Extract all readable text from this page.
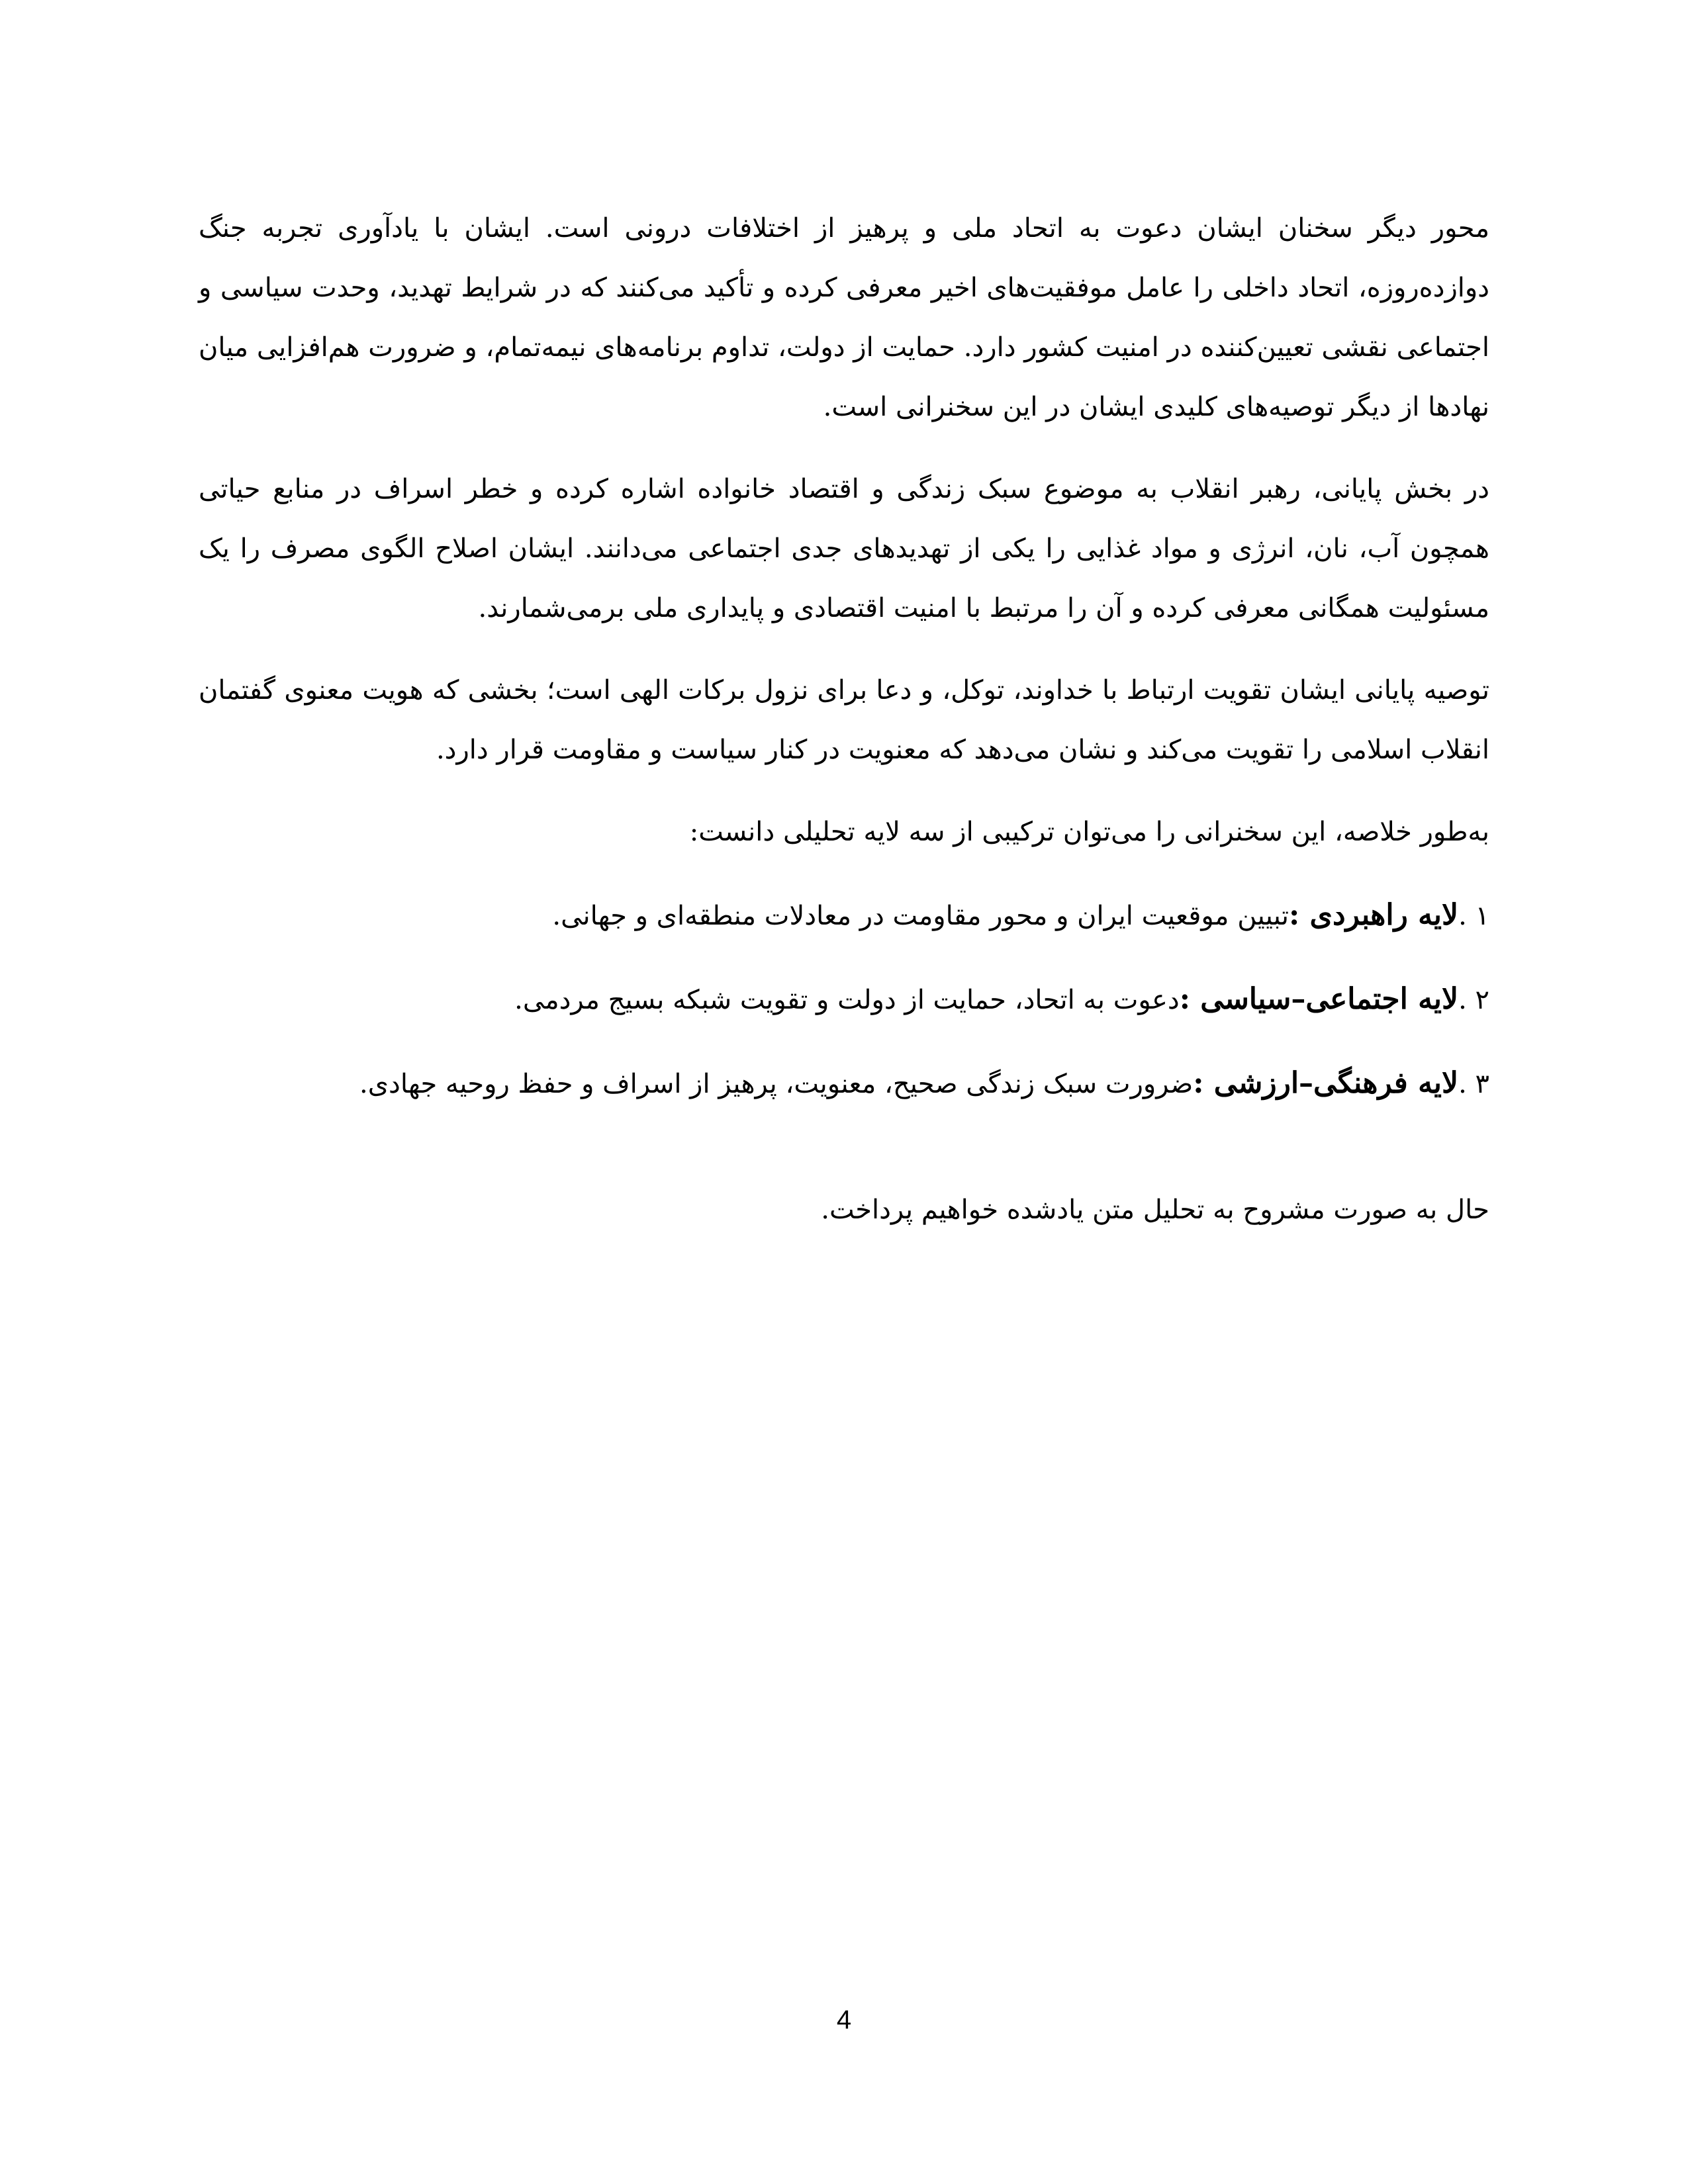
محور دیگر سخنان ایشان دعوت به اتحاد ملی و پرهیز از اختلافات درونی است. ایشان با یادآوری تجربه جنگ دوازده‌روزه، اتحاد داخلی را عامل موفقیت‌های اخیر معرفی کرده و تأکید می‌کنند که در شرایط تهدید، وحدت سیاسی و اجتماعی نقشی تعیین‌کننده در امنیت کشور دارد. حمایت از دولت، تداوم برنامه‌های نیمه‌تمام، و ضرورت هم‌افزایی میان نهادها از دیگر توصیه‌های کلیدی ایشان در این سخنرانی است.

در بخش پایانی، رهبر انقلاب به موضوع سبک زندگی و اقتصاد خانواده اشاره کرده و خطر اسراف در منابع حیاتی همچون آب، نان، انرژی و مواد غذایی را یکی از تهدیدهای جدی اجتماعی می‌دانند. ایشان اصلاح الگوی مصرف را یک مسئولیت همگانی معرفی کرده و آن را مرتبط با امنیت اقتصادی و پایداری ملی برمی‌شمارند.

توصیه پایانی ایشان تقویت ارتباط با خداوند، توکل، و دعا برای نزول برکات الهی است؛ بخشی که هویت معنوی گفتمان انقلاب اسلامی را تقویت می‌کند و نشان می‌دهد که معنویت در کنار سیاست و مقاومت قرار دارد.

به‌طور خلاصه، این سخنرانی را می‌توان ترکیبی از سه لایه تحلیلی دانست:

۱ .لایه راهبردی :تبیین موقعیت ایران و محور مقاومت در معادلات منطقه‌ای و جهانی.
۲ .لایه اجتماعی–سیاسی :دعوت به اتحاد، حمایت از دولت و تقویت شبکه بسیج مردمی.
۳ .لایه فرهنگی–ارزشی :ضرورت سبک زندگی صحیح، معنویت، پرهیز از اسراف و حفظ روحیه جهادی.

حال به صورت مشروح به تحلیل متن یادشده خواهیم پرداخت.

4
